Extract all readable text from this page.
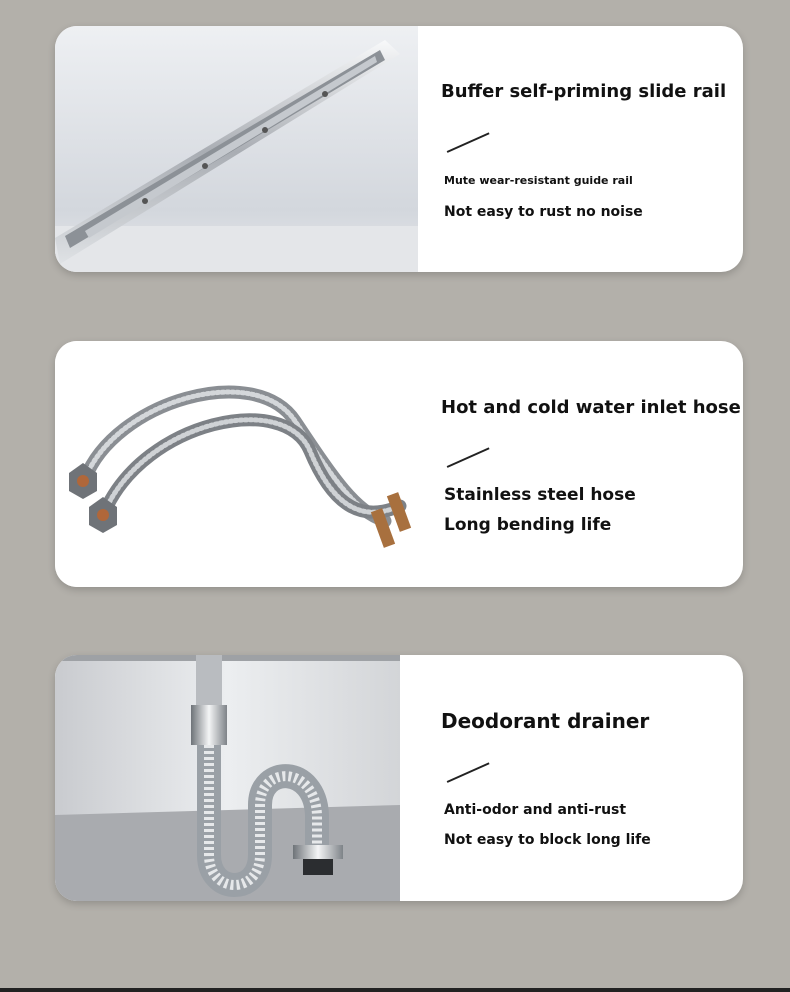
Buffer self-priming slide rail
Mute wear-resistant guide rail
Not easy to rust no noise
Hot and cold water inlet hose
Stainless steel hose
Long bending life
Deodorant drainer
Anti-odor and anti-rust
Not easy to block long life
